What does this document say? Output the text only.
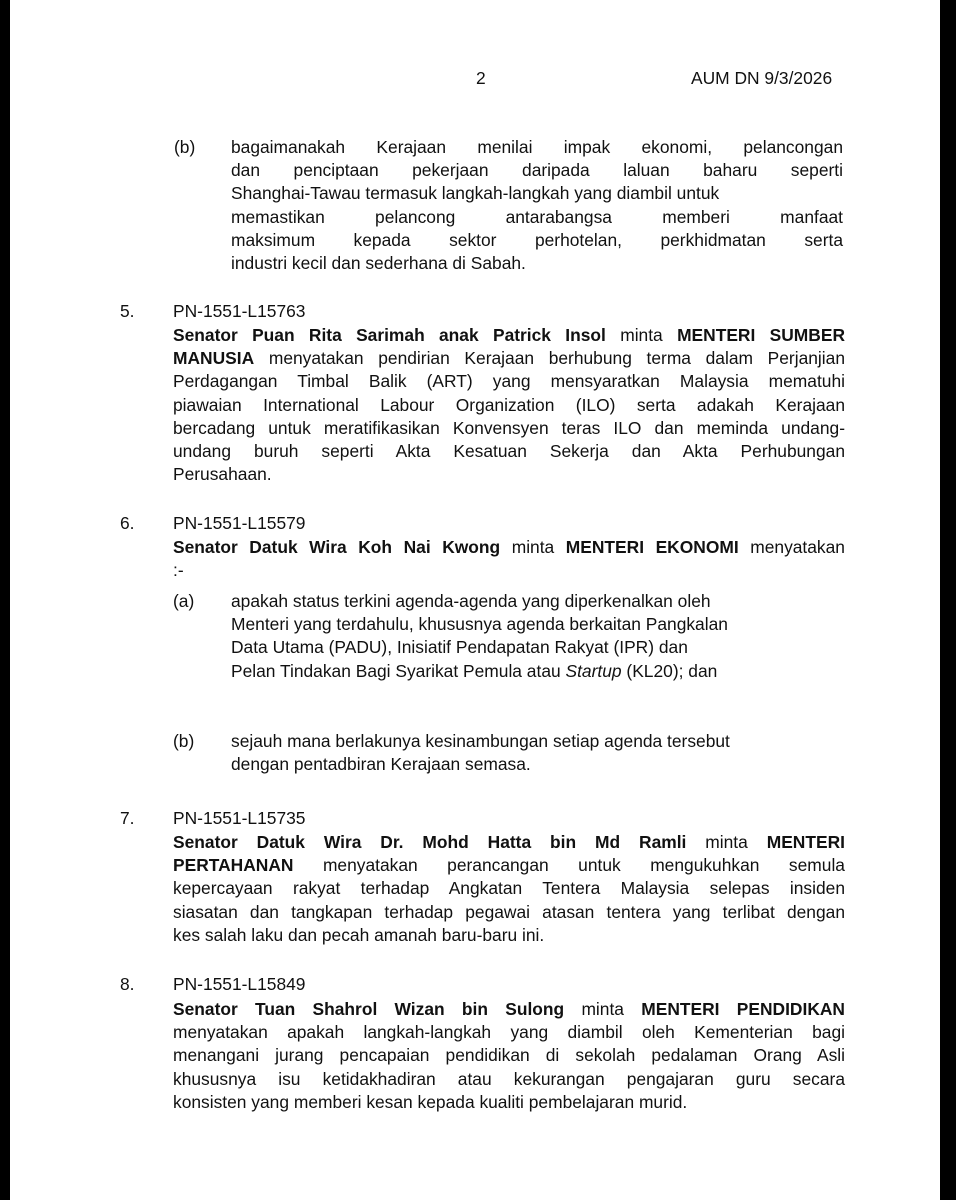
2	AUM DN 9/3/2026
(b) bagaimanakah Kerajaan menilai impak ekonomi, pelancongan
dan penciptaan pekerjaan daripada laluan baharu seperti
Shanghai-Tawau termasuk langkah-langkah yang diambil untuk
memastikan pelancong antarabangsa memberi manfaat
maksimum kepada sektor perhotelan, perkhidmatan serta
industri kecil dan sederhana di Sabah.
5. PN-1551-L15763
Senator Puan Rita Sarimah anak Patrick Insol minta MENTERI SUMBER
MANUSIA menyatakan pendirian Kerajaan berhubung terma dalam Perjanjian
Perdagangan Timbal Balik (ART) yang mensyaratkan Malaysia mematuhi
piawaian International Labour Organization (ILO) serta adakah Kerajaan
bercadang untuk meratifikasikan Konvensyen teras ILO dan meminda undang-
undang buruh seperti Akta Kesatuan Sekerja dan Akta Perhubungan
Perusahaan.
6. PN-1551-L15579
Senator Datuk Wira Koh Nai Kwong minta MENTERI EKONOMI menyatakan
:-
(a) apakah status terkini agenda-agenda yang diperkenalkan oleh
Menteri yang terdahulu, khususnya agenda berkaitan Pangkalan
Data Utama (PADU), Inisiatif Pendapatan Rakyat (IPR) dan
Pelan Tindakan Bagi Syarikat Pemula atau Startup (KL20); dan
(b) sejauh mana berlakunya kesinambungan setiap agenda tersebut
dengan pentadbiran Kerajaan semasa.
7. PN-1551-L15735
Senator Datuk Wira Dr. Mohd Hatta bin Md Ramli minta MENTERI
PERTAHANAN menyatakan perancangan untuk mengukuhkan semula
kepercayaan rakyat terhadap Angkatan Tentera Malaysia selepas insiden
siasatan dan tangkapan terhadap pegawai atasan tentera yang terlibat dengan
kes salah laku dan pecah amanah baru-baru ini.
8. PN-1551-L15849
Senator Tuan Shahrol Wizan bin Sulong minta MENTERI PENDIDIKAN
menyatakan apakah langkah-langkah yang diambil oleh Kementerian bagi
menangani jurang pencapaian pendidikan di sekolah pedalaman Orang Asli
khususnya isu ketidakhadiran atau kekurangan pengajaran guru secara
konsisten yang memberi kesan kepada kualiti pembelajaran murid.
